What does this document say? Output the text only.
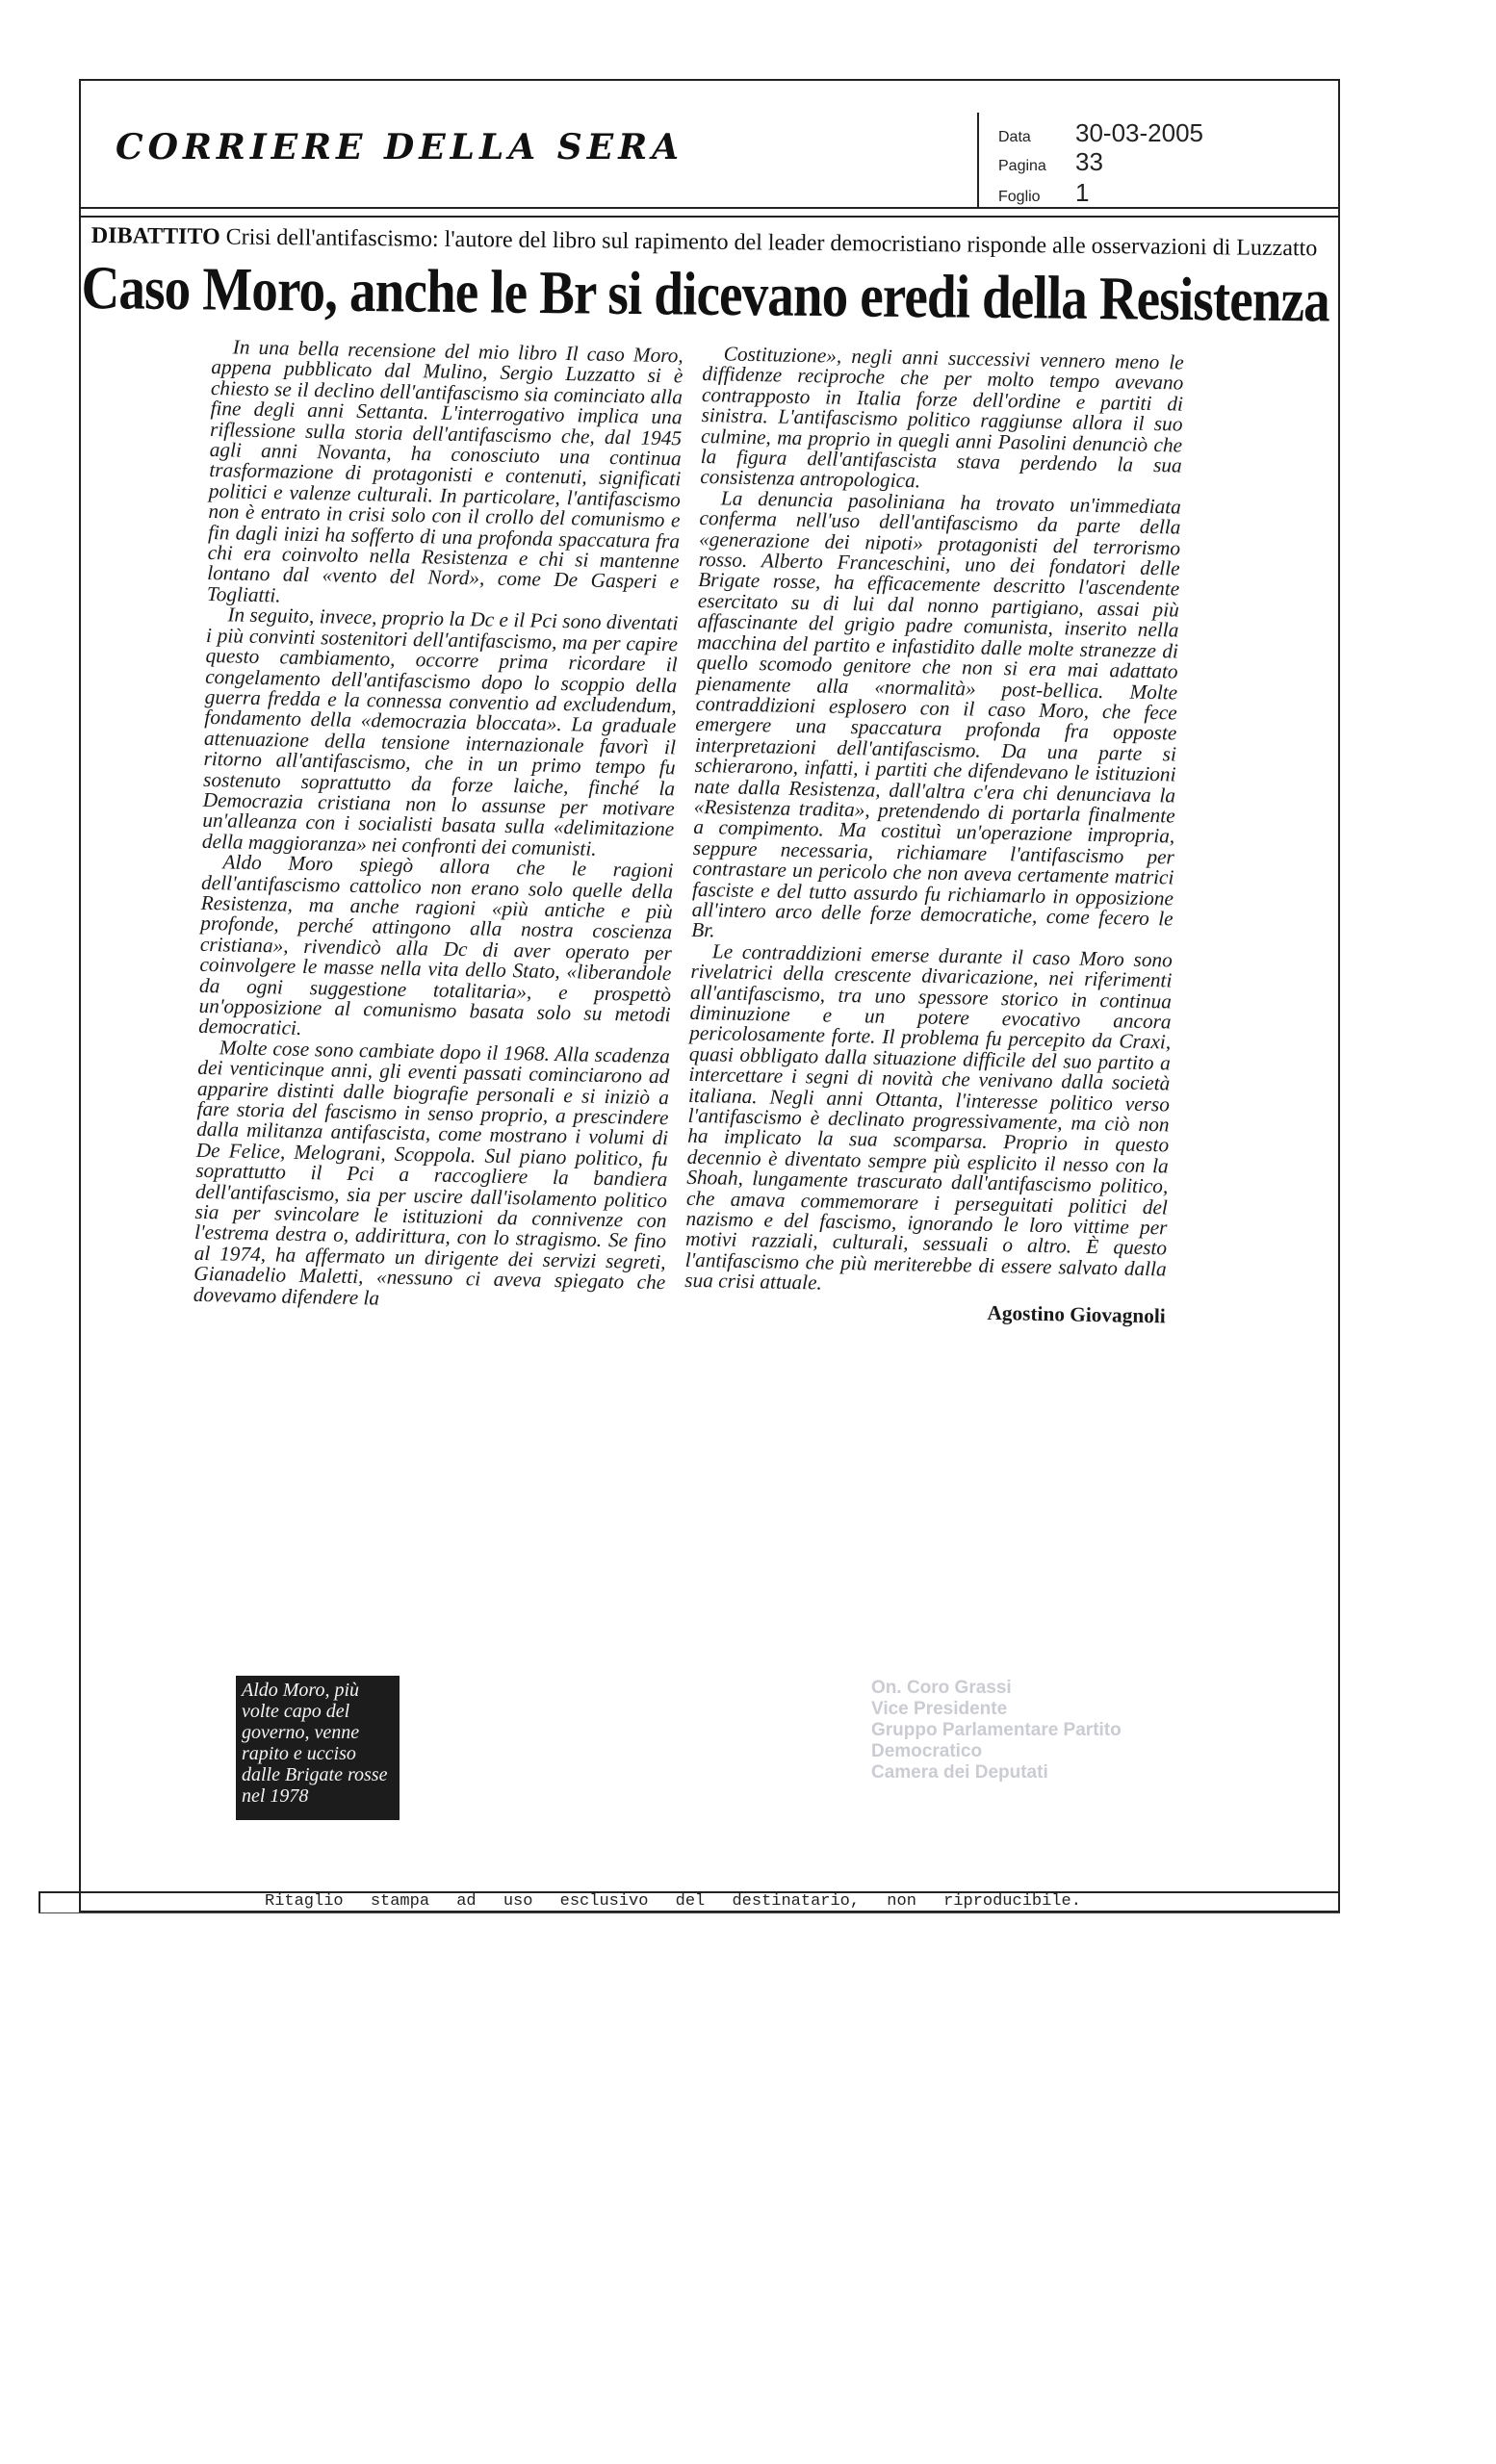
CORRIERE DELLA SERA	Data	30-03-2005
Pagina	33
Foglio	1
DIBATTITO Crisi dell'antifascismo: l'autore del libro sul rapimento del leader democristiano risponde alle osservazioni di Luzzatto
Caso Moro, anche le Br si dicevano eredi della Resistenza

In una bella recensione del mio libro Il caso Moro, appena pubblicato dal Mulino, Sergio Luzzatto si è chiesto se il declino dell'antifascismo sia cominciato alla fine degli anni Settanta. L'interrogativo implica una riflessione sulla storia dell'antifascismo che, dal 1945 agli anni Novanta, ha conosciuto una continua trasformazione di protagonisti e contenuti, significati politici e valenze culturali. In particolare, l'antifascismo non è entrato in crisi solo con il crollo del comunismo e fin dagli inizi ha sofferto di una profonda spaccatura fra chi era coinvolto nella Resistenza e chi si mantenne lontano dal «vento del Nord», come De Gasperi e Togliatti.

In seguito, invece, proprio la Dc e il Pci sono diventati i più convinti sostenitori dell'antifascismo, ma per capire questo cambiamento, occorre prima ricordare il congelamento dell'antifascismo dopo lo scoppio della guerra fredda e la connessa conventio ad excludendum, fondamento della «democrazia bloccata». La graduale attenuazione della tensione internazionale favorì il ritorno all'antifascismo, che in un primo tempo fu sostenuto soprattutto da forze laiche, finché la Democrazia cristiana non lo assunse per motivare un'alleanza con i socialisti basata sulla «delimitazione della maggioranza» nei confronti dei comunisti.

Aldo Moro spiegò allora che le ragioni dell'antifascismo cattolico non erano solo quelle della Resistenza, ma anche ragioni «più antiche e più profonde, perché attingono alla nostra coscienza cristiana», rivendicò alla Dc di aver operato per coinvolgere le masse nella vita dello Stato, «liberandole da ogni suggestione totalitaria», e prospettò un'opposizione al comunismo basata solo su metodi democratici.

Molte cose sono cambiate dopo il 1968. Alla scadenza dei venticinque anni, gli eventi passati cominciarono ad apparire distinti dalle biografie personali e si iniziò a fare storia del fascismo in senso proprio, a prescindere dalla militanza antifascista, come mostrano i volumi di De Felice, Melograni, Scoppola. Sul piano politico, fu soprattutto il Pci a raccogliere la bandiera dell'antifascismo, sia per uscire dall'isolamento politico sia per svincolare le istituzioni da connivenze con l'estrema destra o, addirittura, con lo stragismo. Se fino al 1974, ha affermato un dirigente dei servizi segreti, Gianadelio Maletti, «nessuno ci aveva spiegato che dovevamo difendere la

Costituzione», negli anni successivi vennero meno le diffidenze reciproche che per molto tempo avevano contrapposto in Italia forze dell'ordine e partiti di sinistra. L'antifascismo politico raggiunse allora il suo culmine, ma proprio in quegli anni Pasolini denunciò che la figura dell'antifascista stava perdendo la sua consistenza antropologica.

La denuncia pasoliniana ha trovato un'immediata conferma nell'uso dell'antifascismo da parte della «generazione dei nipoti» protagonisti del terrorismo rosso. Alberto Franceschini, uno dei fondatori delle Brigate rosse, ha efficacemente descritto l'ascendente esercitato su di lui dal nonno partigiano, assai più affascinante del grigio padre comunista, inserito nella macchina del partito e infastidito dalle molte stranezze di quello scomodo genitore che non si era mai adattato pienamente alla «normalità» post-bellica. Molte contraddizioni esplosero con il caso Moro, che fece emergere una spaccatura profonda fra opposte interpretazioni dell'antifascismo. Da una parte si schierarono, infatti, i partiti che difendevano le istituzioni nate dalla Resistenza, dall'altra c'era chi denunciava la «Resistenza tradita», pretendendo di portarla finalmente a compimento. Ma costituì un'operazione impropria, seppure necessaria, richiamare l'antifascismo per contrastare un pericolo che non aveva certamente matrici fasciste e del tutto assurdo fu richiamarlo in opposizione all'intero arco delle forze democratiche, come fecero le Br.

Le contraddizioni emerse durante il caso Moro sono rivelatrici della crescente divaricazione, nei riferimenti all'antifascismo, tra uno spessore storico in continua diminuzione e un potere evocativo ancora pericolosamente forte. Il problema fu percepito da Craxi, quasi obbligato dalla situazione difficile del suo partito a intercettare i segni di novità che venivano dalla società italiana. Negli anni Ottanta, l'interesse politico verso l'antifascismo è declinato progressivamente, ma ciò non ha implicato la sua scomparsa. Proprio in questo decennio è diventato sempre più esplicito il nesso con la Shoah, lungamente trascurato dall'antifascismo politico, che amava commemorare i perseguitati politici del nazismo e del fascismo, ignorando le loro vittime per motivi razziali, culturali, sessuali o altro. È questo l'antifascismo che più meriterebbe di essere salvato dalla sua crisi attuale.

Agostino Giovagnoli

Aldo Moro, più volte capo del governo, venne rapito e ucciso dalle Brigate rosse nel 1978
On. Coro Grassi
Vice Presidente
Gruppo Parlamentare Partito Democratico
Camera dei Deputati
Ritaglio stampa ad uso esclusivo del destinatario, non riproducibile.
